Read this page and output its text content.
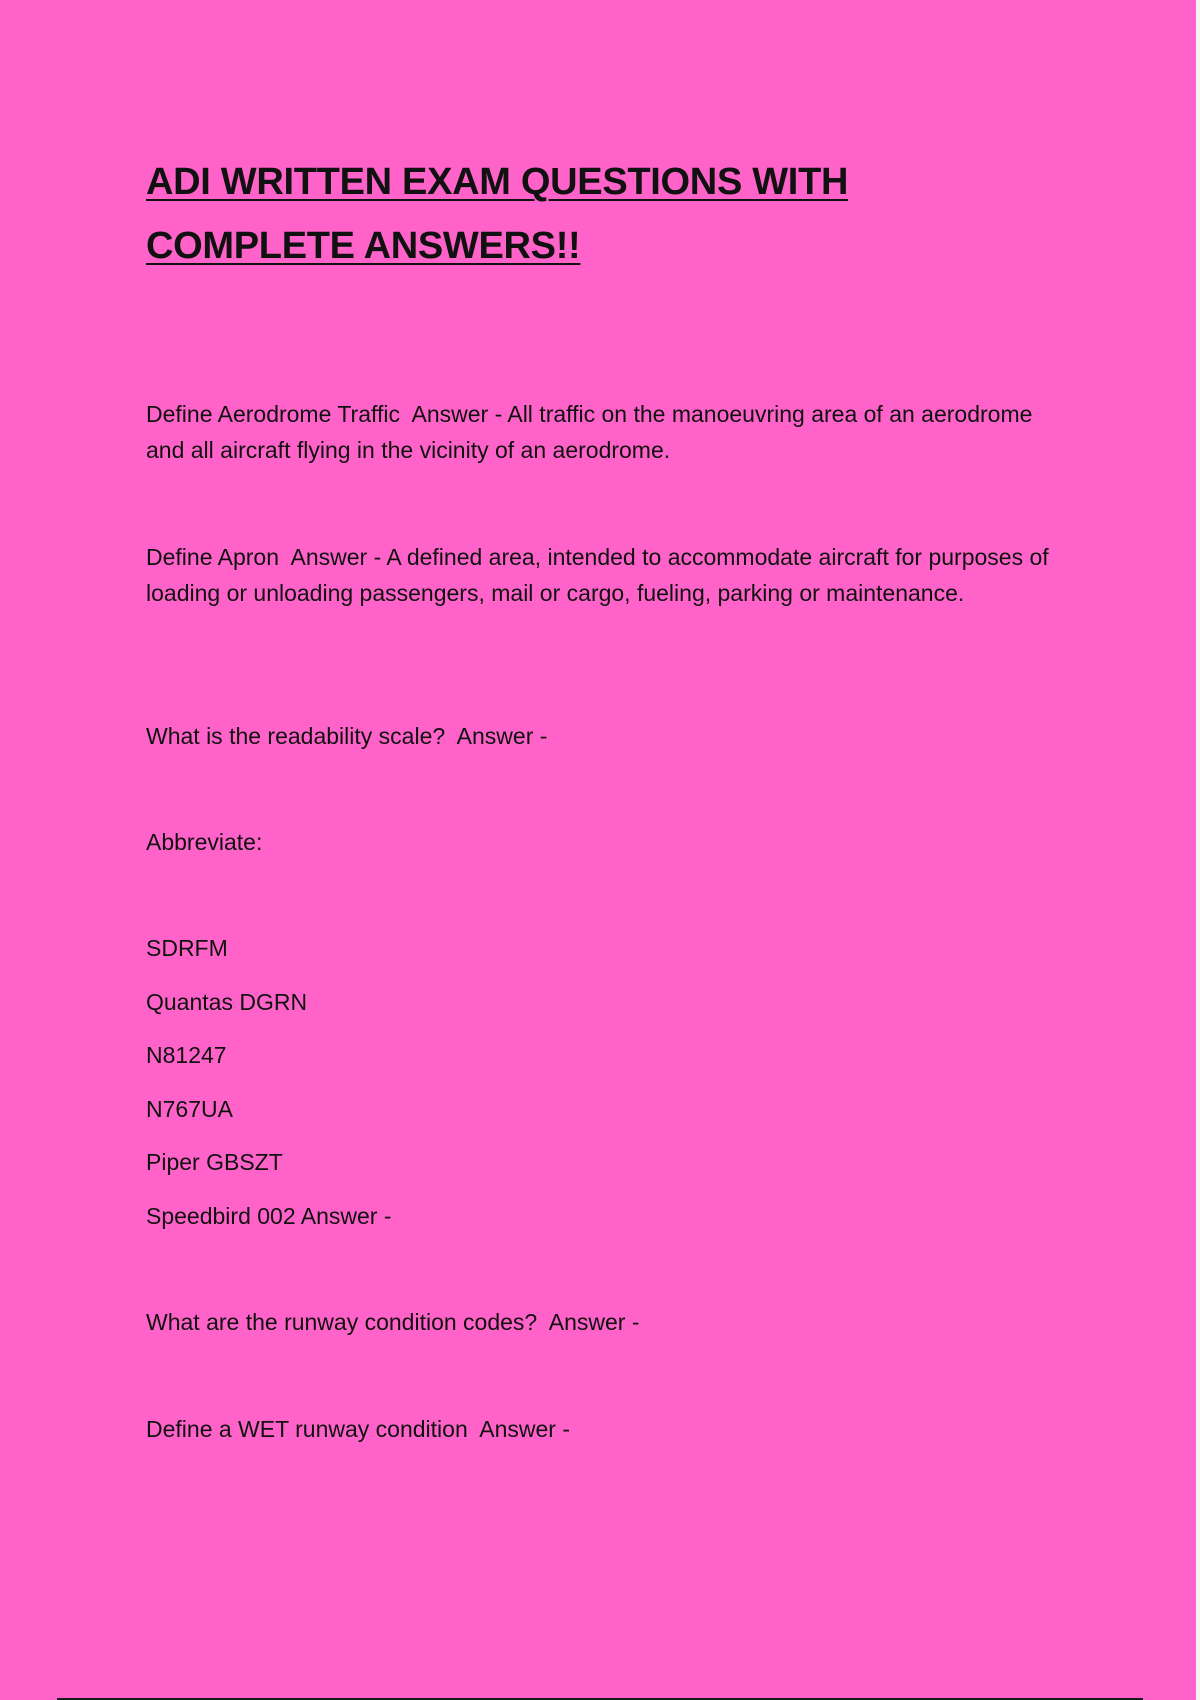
ADI WRITTEN EXAM QUESTIONS WITH COMPLETE ANSWERS!!

Define Aerodrome Traffic  Answer - All traffic on the manoeuvring area of an aerodrome and all aircraft flying in the vicinity of an aerodrome.

Define Apron  Answer - A defined area, intended to accommodate aircraft for purposes of loading or unloading passengers, mail or cargo, fueling, parking or maintenance.

What is the readability scale?  Answer -

Abbreviate:

SDRFM
Quantas DGRN
N81247
N767UA
Piper GBSZT
Speedbird 002 Answer -

What are the runway condition codes?  Answer -

Define a WET runway condition  Answer -
